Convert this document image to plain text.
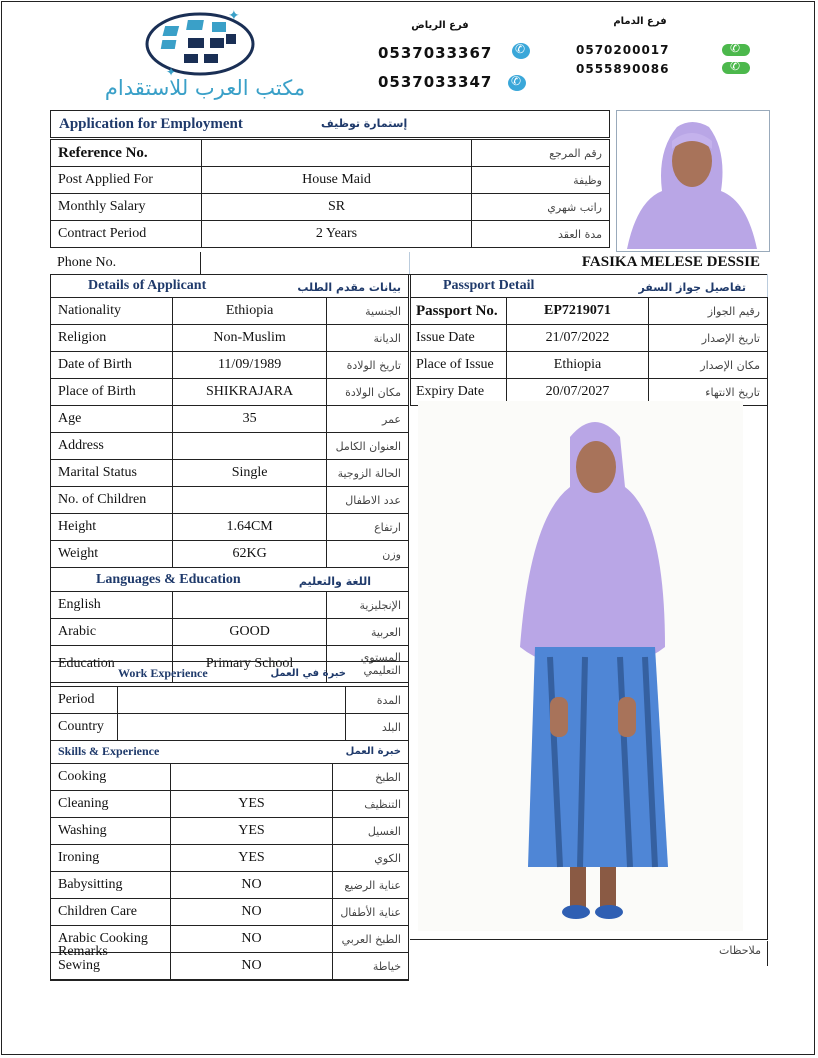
✦
✦
مكتب العرب للاستقدام
فرع الرياض	فرع الدمام
0537033367
0537033347
✆
✆
0570200017
0555890086
✆
✆
Application for Employment	إستمارة توظيف
Reference No.		رقم المرجع
Post Applied For	House Maid	وظيفة
Monthly Salary	SR	راتب شهري
Contract Period	2 Years	مدة العقد
Phone No.	FASIKA MELESE DESSIE
Details of Applicant بيانات مقدم الطلب		

Nationality	Ethiopia	الجنسية
Religion	Non-Muslim	الديانة
Date of Birth	11/09/1989	تاريخ الولادة
Place of Birth	SHIKRAJARA	مكان الولادة
Age	35	عمر
Address		العنوان الكامل
Marital Status	Single	الحالة الزوجية
No. of Children		عدد الاطفال
Height	1.64CM	ارتفاع
Weight	62KG	وزن
Languages & Education اللغة والتعليم		

English		الإنجليزية
Arabic	GOOD	العربية
Education	Primary School	المستوي التعليمي
Work Experience خبرة في العمل		

Period		المدة
Country		البلد
Skills & Experience خبرة العمل		

Cooking		الطبخ
Cleaning	YES	التنظيف
Washing	YES	الغسيل
Ironing	YES	الكوي
Babysitting	NO	عناية الرضيع
Children Care	NO	عناية الأطفال
Arabic Cooking	NO	الطبخ العربي
Sewing	NO	خياطة
Passport Detail تفاصيل جواز السفر		

Passport No.	EP7219071	رقيم الجواز
Issue Date	21/07/2022	تاريخ الإصدار
Place of Issue	Ethiopia	مكان الإصدار
Expiry Date	20/07/2027	تاريخ الانتهاء
Remarks	ملاحظات
